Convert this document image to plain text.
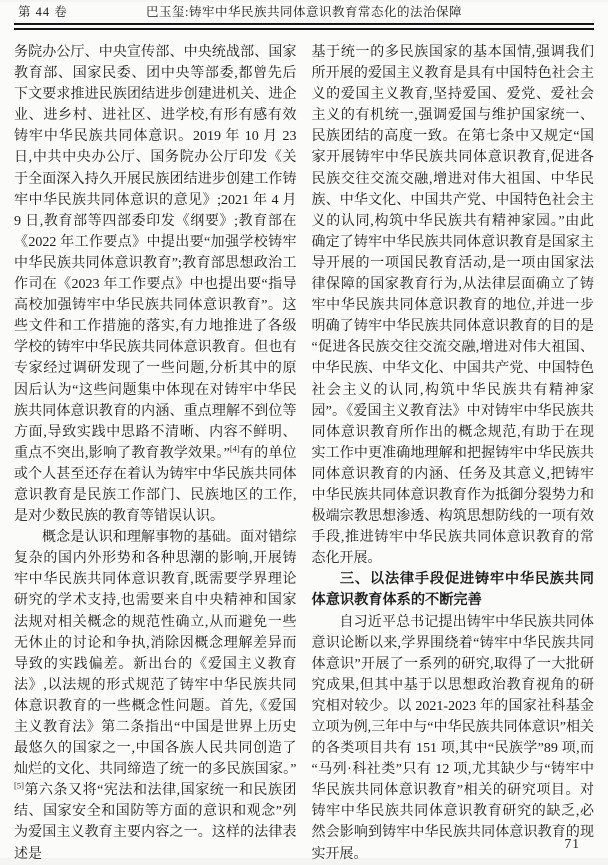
第 44 卷	巴玉玺:铸牢中华民族共同体意识教育常态化的法治保障

务院办公厅、中央宣传部、中央统战部、国家教育部、国家民委、团中央等部委,都曾先后下文要求推进民族团结进步创建进机关、进企业、进乡村、进社区、进学校,有形有感有效铸牢中华民族共同体意识。2019 年 10 月 23 日,中共中央办公厅、国务院办公厅印发《关于全面深入持久开展民族团结进步创建工作铸牢中华民族共同体意识的意见》;2021 年 4 月 9 日,教育部等四部委印发《纲要》;教育部在《2022 年工作要点》中提出要“加强学校铸牢中华民族共同体意识教育”;教育部思想政治工作司在《2023 年工作要点》中也提出要“指导高校加强铸牢中华民族共同体意识教育”。这些文件和工作措施的落实,有力地推进了各级学校的铸牢中华民族共同体意识教育。但也有专家经过调研发现了一些问题,分析其中的原因后认为“这些问题集中体现在对铸牢中华民族共同体意识教育的内涵、重点理解不到位等方面,导致实践中思路不清晰、内容不鲜明、重点不突出,影响了教育教学效果。”[4]有的单位或个人甚至还存在着认为铸牢中华民族共同体意识教育是民族工作部门、民族地区的工作,是对少数民族的教育等错误认识。

概念是认识和理解事物的基础。面对错综复杂的国内外形势和各种思潮的影响,开展铸牢中华民族共同体意识教育,既需要学界理论研究的学术支持,也需要来自中央精神和国家法规对相关概念的规范性确立,从而避免一些无休止的讨论和争执,消除因概念理解差异而导致的实践偏差。新出台的《爱国主义教育法》,以法规的形式规范了铸牢中华民族共同体意识教育的一些概念性问题。首先,《爱国主义教育法》第二条指出“中国是世界上历史最悠久的国家之一,中国各族人民共同创造了灿烂的文化、共同缔造了统一的多民族国家。”[5]第六条又将“宪法和法律,国家统一和民族团结、国家安全和国防等方面的意识和观念”列为爱国主义教育主要内容之一。这样的法律表述是

基于统一的多民族国家的基本国情,强调我们所开展的爱国主义教育是具有中国特色社会主义的爱国主义教育,坚持爱国、爱党、爱社会主义的有机统一,强调爱国与维护国家统一、民族团结的高度一致。在第七条中又规定“国家开展铸牢中华民族共同体意识教育,促进各民族交往交流交融,增进对伟大祖国、中华民族、中华文化、中国共产党、中国特色社会主义的认同,构筑中华民族共有精神家园。”由此确定了铸牢中华民族共同体意识教育是国家主导开展的一项国民教育活动,是一项由国家法律保障的国家教育行为,从法律层面确立了铸牢中华民族共同体意识教育的地位,并进一步明确了铸牢中华民族共同体意识教育的目的是“促进各民族交往交流交融,增进对伟大祖国、中华民族、中华文化、中国共产党、中国特色社会主义的认同,构筑中华民族共有精神家园”。《爱国主义教育法》中对铸牢中华民族共同体意识教育所作出的概念规范,有助于在现实工作中更准确地理解和把握铸牢中华民族共同体意识教育的内涵、任务及其意义,把铸牢中华民族共同体意识教育作为抵御分裂势力和极端宗教思想渗透、构筑思想防线的一项有效手段,推进铸牢中华民族共同体意识教育的常态化开展。

三、以法律手段促进铸牢中华民族共同体意识教育体系的不断完善

自习近平总书记提出铸牢中华民族共同体意识论断以来,学界围绕着“铸牢中华民族共同体意识”开展了一系列的研究,取得了一大批研究成果,但其中基于以思想政治教育视角的研究相对较少。以 2021-2023 年的国家社科基金立项为例,三年中与“中华民族共同体意识”相关的各类项目共有 151 项,其中“民族学”89 项,而“马列·科社类”只有 12 项,尤其缺少与“铸牢中华民族共同体意识教育”相关的研究项目。对铸牢中华民族共同体意识教育研究的缺乏,必然会影响到铸牢中华民族共同体意识教育的现实开展。

71
